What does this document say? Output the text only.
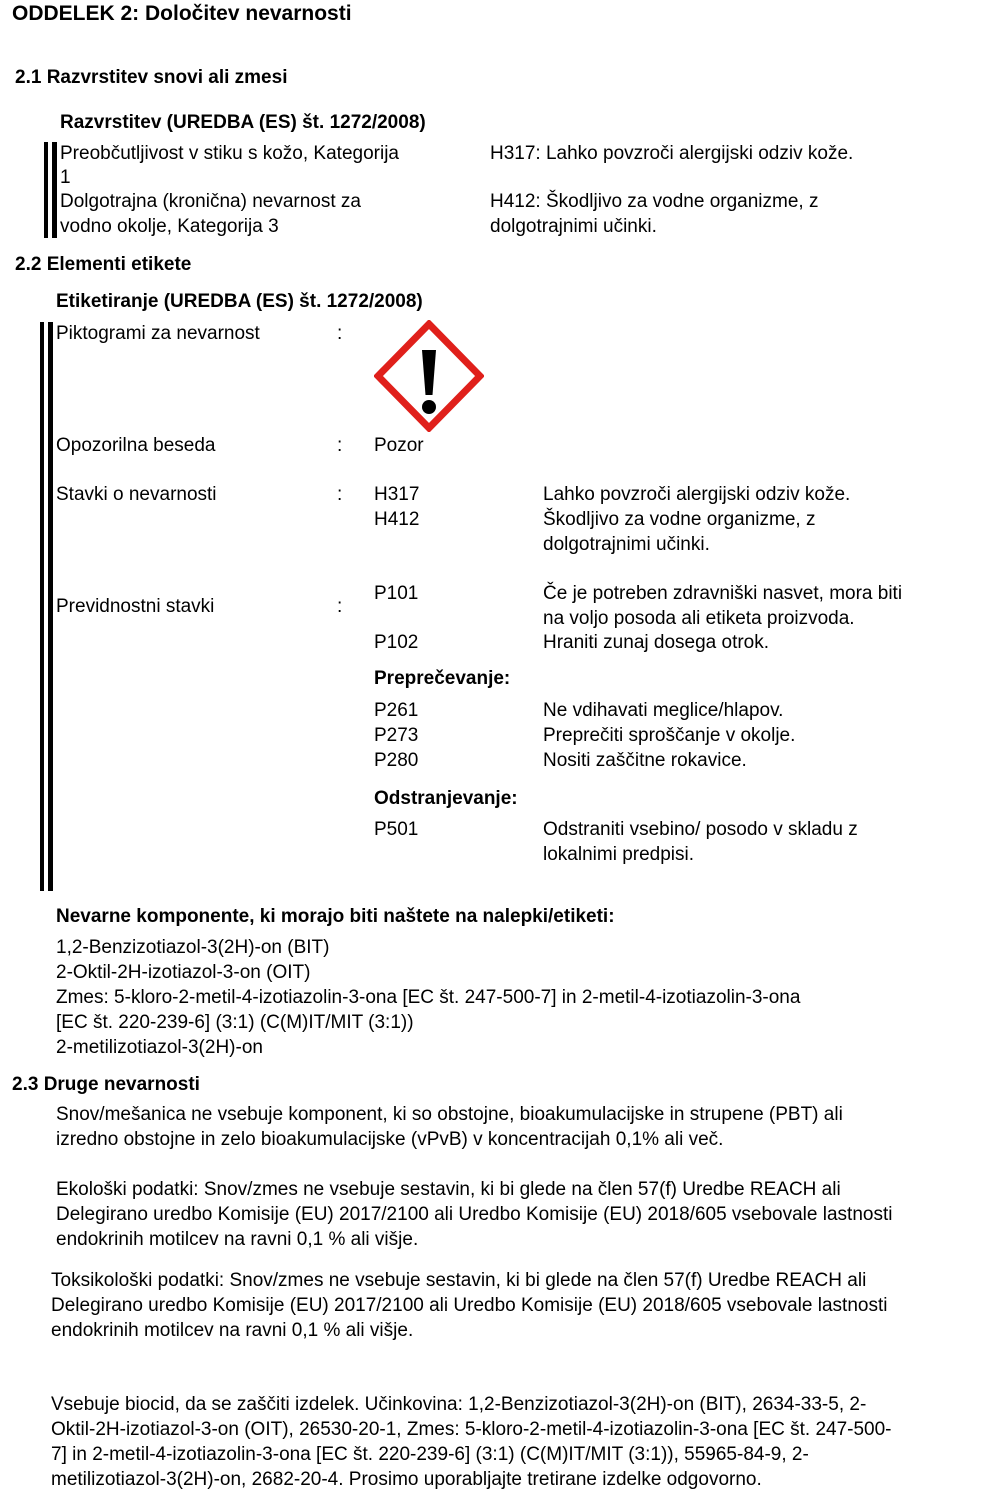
ODDELEK 2: Določitev nevarnosti
2.1 Razvrstitev snovi ali zmesi
Razvrstitev (UREDBA (ES) št. 1272/2008)
Preobčutljivost v stiku s kožo, Kategorija
1
H317: Lahko povzroči alergijski odziv kože.
Dolgotrajna (kronična) nevarnost za
vodno okolje, Kategorija 3
H412: Škodljivo za vodne organizme, z
dolgotrajnimi učinki.
2.2 Elementi etikete
Etiketiranje (UREDBA (ES) št. 1272/2008)
Piktogrami za nevarnost	:
Opozorilna beseda	: Pozor
Stavki o nevarnosti	: H317	Lahko povzroči alergijski odziv kože.
H412	Škodljivo za vodne organizme, z
dolgotrajnimi učinki.
Previdnostni stavki	:
P101	Če je potreben zdravniški nasvet, mora biti
na voljo posoda ali etiketa proizvoda.
P102	Hraniti zunaj dosega otrok.
Preprečevanje:
P261	Ne vdihavati meglice/hlapov.
P273	Preprečiti sproščanje v okolje.
P280	Nositi zaščitne rokavice.
Odstranjevanje:
P501	Odstraniti vsebino/ posodo v skladu z
lokalnimi predpisi.
Nevarne komponente, ki morajo biti naštete na nalepki/etiketi:
1,2-Benzizotiazol-3(2H)-on (BIT)
2-Oktil-2H-izotiazol-3-on (OIT)
Zmes: 5-kloro-2-metil-4-izotiazolin-3-ona [EC št. 247-500-7] in 2-metil-4-izotiazolin-3-ona
[EC št. 220-239-6] (3:1) (C(M)IT/MIT (3:1))
2-metilizotiazol-3(2H)-on
2.3 Druge nevarnosti
Snov/mešanica ne vsebuje komponent, ki so obstojne, bioakumulacijske in strupene (PBT) ali
izredno obstojne in zelo bioakumulacijske (vPvB) v koncentracijah 0,1% ali več.
Ekološki podatki: Snov/zmes ne vsebuje sestavin, ki bi glede na člen 57(f) Uredbe REACH ali
Delegirano uredbo Komisije (EU) 2017/2100 ali Uredbo Komisije (EU) 2018/605 vsebovale lastnosti
endokrinih motilcev na ravni 0,1 % ali višje.
Toksikološki podatki: Snov/zmes ne vsebuje sestavin, ki bi glede na člen 57(f) Uredbe REACH ali
Delegirano uredbo Komisije (EU) 2017/2100 ali Uredbo Komisije (EU) 2018/605 vsebovale lastnosti
endokrinih motilcev na ravni 0,1 % ali višje.
Vsebuje biocid, da se zaščiti izdelek. Učinkovina: 1,2-Benzizotiazol-3(2H)-on (BIT), 2634-33-5, 2-
Oktil-2H-izotiazol-3-on (OIT), 26530-20-1, Zmes: 5-kloro-2-metil-4-izotiazolin-3-ona [EC št. 247-500-
7] in 2-metil-4-izotiazolin-3-ona [EC št. 220-239-6] (3:1) (C(M)IT/MIT (3:1)), 55965-84-9, 2-
metilizotiazol-3(2H)-on, 2682-20-4. Prosimo uporabljajte tretirane izdelke odgovorno.
